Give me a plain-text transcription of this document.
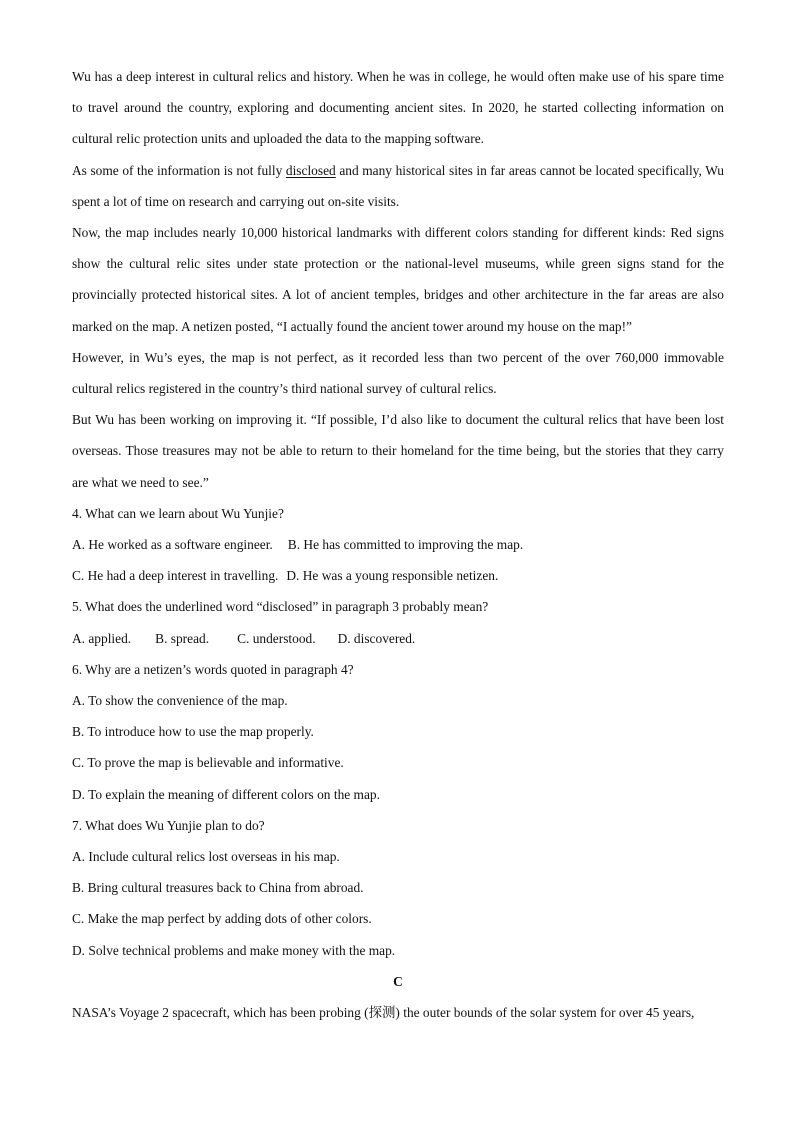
Wu has a deep interest in cultural relics and history. When he was in college, he would often make use of his spare time to travel around the country, exploring and documenting ancient sites. In 2020, he started collecting information on cultural relic protection units and uploaded the data to the mapping software.

As some of the information is not fully disclosed and many historical sites in far areas cannot be located specifically, Wu spent a lot of time on research and carrying out on-site visits.

Now, the map includes nearly 10,000 historical landmarks with different colors standing for different kinds: Red signs show the cultural relic sites under state protection or the national-level museums, while green signs stand for the provincially protected historical sites. A lot of ancient temples, bridges and other architecture in the far areas are also marked on the map. A netizen posted, “I actually found the ancient tower around my house on the map!”

However, in Wu’s eyes, the map is not perfect, as it recorded less than two percent of the over 760,000 immovable cultural relics registered in the country’s third national survey of cultural relics.

But Wu has been working on improving it. “If possible, I’d also like to document the cultural relics that have been lost overseas. Those treasures may not be able to return to their homeland for the time being, but the stories that they carry are what we need to see.”

4. What can we learn about Wu Yunjie?

A. He worked as a software engineer. B. He has committed to improving the map.

C. He had a deep interest in travelling. D. He was a young responsible netizen.

5. What does the underlined word “disclosed” in paragraph 3 probably mean?

A. applied. B. spread. C. understood. D. discovered.

6. Why are a netizen’s words quoted in paragraph 4?

A. To show the convenience of the map.

B. To introduce how to use the map properly.

C. To prove the map is believable and informative.

D. To explain the meaning of different colors on the map.

7. What does Wu Yunjie plan to do?

A. Include cultural relics lost overseas in his map.

B. Bring cultural treasures back to China from abroad.

C. Make the map perfect by adding dots of other colors.

D. Solve technical problems and make money with the map.

C

NASA’s Voyage 2 spacecraft, which has been probing (探测) the outer bounds of the solar system for over 45 years,
